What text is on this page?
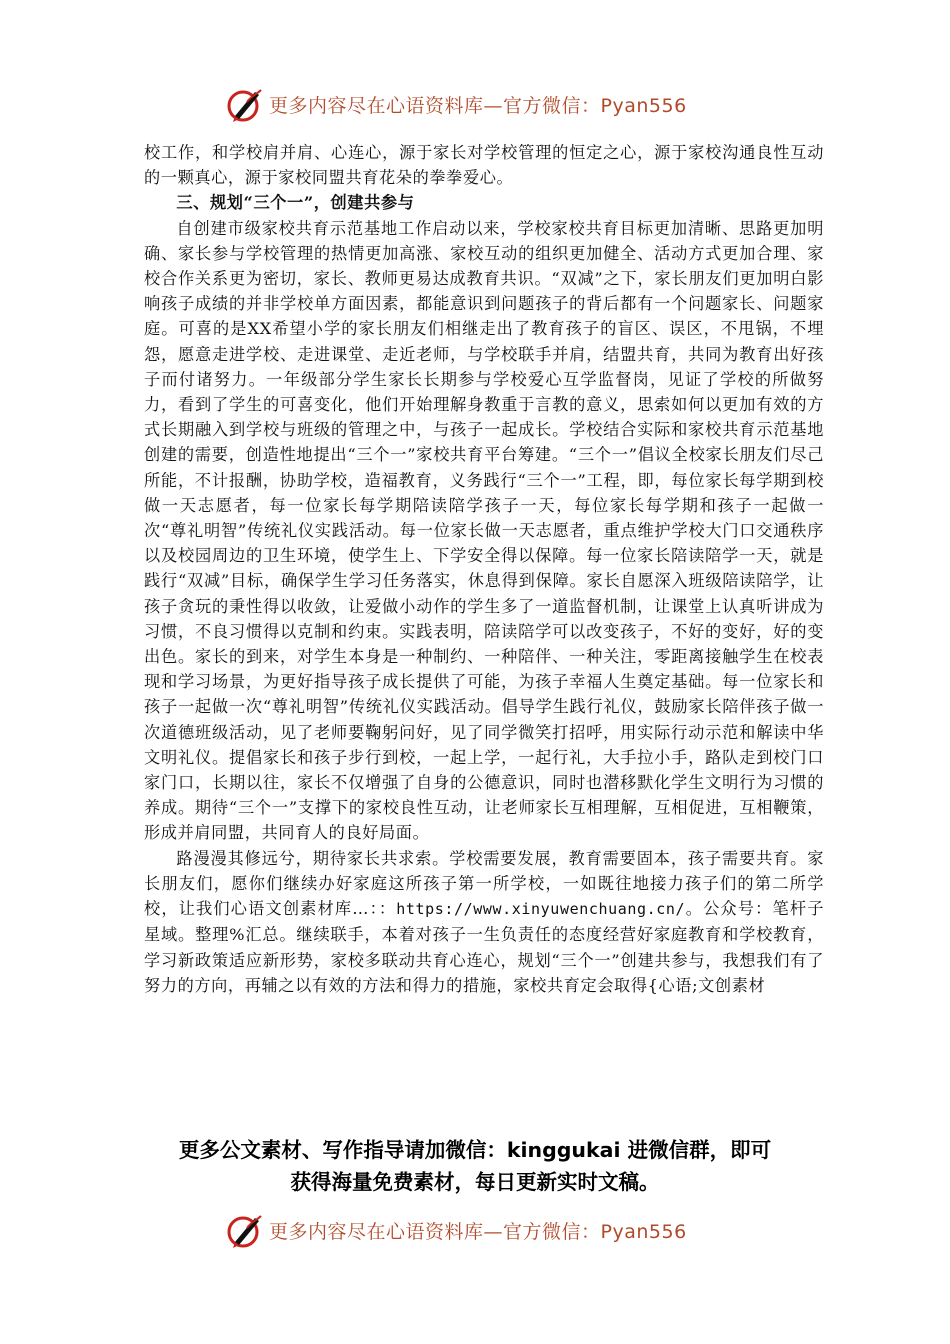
更多内容尽在心语资料库—官方微信：Pyan556

校工作，和学校肩并肩、心连心，源于家长对学校管理的恒定之心，源于家校沟通良性互动的一颗真心，源于家校同盟共育花朵的拳拳爱心。

三、规划“三个一”，创建共参与

自创建市级家校共育示范基地工作启动以来，学校家校共育目标更加清晰、思路更加明确、家长参与学校管理的热情更加高涨、家校互动的组织更加健全、活动方式更加合理、家校合作关系更为密切，家长、教师更易达成教育共识。“双减”之下，家长朋友们更加明白影响孩子成绩的并非学校单方面因素，都能意识到问题孩子的背后都有一个问题家长、问题家庭。可喜的是XX希望小学的家长朋友们相继走出了教育孩子的盲区、误区，不甩锅，不埋怨，愿意走进学校、走进课堂、走近老师，与学校联手并肩，结盟共育，共同为教育出好孩子而付诸努力。一年级部分学生家长长期参与学校爱心互学监督岗，见证了学校的所做努力，看到了学生的可喜变化，他们开始理解身教重于言教的意义，思索如何以更加有效的方式长期融入到学校与班级的管理之中，与孩子一起成长。学校结合实际和家校共育示范基地创建的需要，创造性地提出“三个一”家校共育平台筹建。“三个一”倡议全校家长朋友们尽己所能，不计报酬，协助学校，造福教育，义务践行“三个一”工程，即，每位家长每学期到校做一天志愿者，每一位家长每学期陪读陪学孩子一天，每位家长每学期和孩子一起做一次“尊礼明智”传统礼仪实践活动。每一位家长做一天志愿者，重点维护学校大门口交通秩序以及校园周边的卫生环境，使学生上、下学安全得以保障。每一位家长陪读陪学一天，就是践行“双减”目标，确保学生学习任务落实，休息得到保障。家长自愿深入班级陪读陪学，让孩子贪玩的秉性得以收敛，让爱做小动作的学生多了一道监督机制，让课堂上认真听讲成为习惯，不良习惯得以克制和约束。实践表明，陪读陪学可以改变孩子，不好的变好，好的变出色。家长的到来，对学生本身是一种制约、一种陪伴、一种关注，零距离接触学生在校表现和学习场景，为更好指导孩子成长提供了可能，为孩子幸福人生奠定基础。每一位家长和孩子一起做一次“尊礼明智”传统礼仪实践活动。倡导学生践行礼仪，鼓励家长陪伴孩子做一次道德班级活动，见了老师要鞠躬问好，见了同学微笑打招呼，用实际行动示范和解读中华文明礼仪。提倡家长和孩子步行到校，一起上学，一起行礼，大手拉小手，路队走到校门口家门口，长期以往，家长不仅增强了自身的公德意识，同时也潜移默化学生文明行为习惯的养成。期待“三个一”支撑下的家校良性互动，让老师家长互相理解，互相促进，互相鞭策，形成并肩同盟，共同育人的良好局面。

路漫漫其修远兮，期待家长共求索。学校需要发展，教育需要固本，孩子需要共育。家长朋友们，愿你们继续办好家庭这所孩子第一所学校，一如既往地接力孩子们的第二所学校，让我们心语文创素材库…：：https://www.xinyuwenchuang.cn/。公众号：笔杆子星域。整理%汇总。继续联手，本着对孩子一生负责任的态度经营好家庭教育和学校教育，学习新政策适应新形势，家校多联动共育心连心，规划“三个一”创建共参与，我想我们有了努力的方向，再辅之以有效的方法和得力的措施，家校共育定会取得{心语;文创素材

更多公文素材、写作指导请加微信：kinggukai 进微信群，即可
获得海量免费素材，每日更新实时文稿。
更多内容尽在心语资料库—官方微信：Pyan556
